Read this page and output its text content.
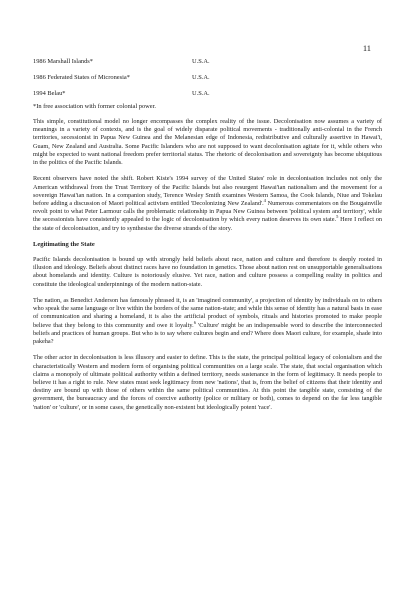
11
1986 Marshall Islands*	U.S.A.
1986 Federated States of Micronesia*	U.S.A.
1994 Belau*	U.S.A.
*In free association with former colonial power.

This simple, constitutional model no longer encompasses the complex reality of the issue. Decolonisation now assumes a variety of meanings in a variety of contexts, and is the goal of widely disparate political movements - traditionally anti-colonial in the French territories, secessionist in Papua New Guinea and the Melanesian edge of Indonesia, redistributive and culturally assertive in Hawai'i, Guam, New Zealand and Australia. Some Pacific Islanders who are not supposed to want decolonisation agitate for it, while others who might be expected to want national freedom prefer territorial status. The rhetoric of decolonisation and sovereignty has become ubiquitous in the politics of the Pacific Islands.

Recent observers have noted the shift. Robert Kiste's 1994 survey of the United States' role in decolonisation includes not only the American withdrawal from the Trust Territory of the Pacific Islands but also resurgent Hawai'ian nationalism and the movement for a sovereign Hawai'ian nation. In a companion study, Terence Wesley Smith examines Western Samoa, the Cook Islands, Niue and Tokelau before adding a discussion of Maori political activism entitled 'Decolonizing New Zealand'.$^4$ Numerous commentators on the Bougainville revolt point to what Peter Larmour calls the problematic relationship in Papua New Guinea between 'political system and territory', while the secessionists have consistently appealed to the logic of decolonisation by which every nation deserves its own state.$^5$ Here I reflect on the state of decolonisation, and try to synthesise the diverse strands of the story.

Legitimating the State

Pacific Islands decolonisation is bound up with strongly held beliefs about race, nation and culture and therefore is deeply rooted in illusion and ideology. Beliefs about distinct races have no foundation in genetics. Those about nation rest on unsupportable generalisations about homelands and identity. Culture is notoriously elusive. Yet race, nation and culture possess a compelling reality in politics and constitute the ideological underpinnings of the modern nation-state.

The nation, as Benedict Anderson has famously phrased it, is an 'imagined community', a projection of identity by individuals on to others who speak the same language or live within the borders of the same nation-state; and while this sense of identity has a natural basis in ease of communication and sharing a homeland, it is also the artificial product of symbols, rituals and histories promoted to make people believe that they belong to this community and owe it loyalty.$^6$ 'Culture' might be an indispensable word to describe the interconnected beliefs and practices of human groups. But who is to say where cultures begin and end? Where does Maori culture, for example, shade into pakeha?

The other actor in decolonisation is less illusory and easier to define. This is the state, the principal political legacy of colonialism and the characteristically Western and modern form of organising political communities on a large scale. The state, that social organisation which claims a monopoly of ultimate political authority within a defined territory, needs sustenance in the form of legitimacy. It needs people to believe it has a right to rule. New states must seek legitimacy from new 'nations', that is, from the belief of citizens that their identity and destiny are bound up with those of others within the same political communities. At this point the tangible state, consisting of the government, the bureaucracy and the forces of coercive authority (police or military or both), comes to depend on the far less tangible 'nation' or 'culture', or in some cases, the genetically non-existent but ideologically potent 'race'.
